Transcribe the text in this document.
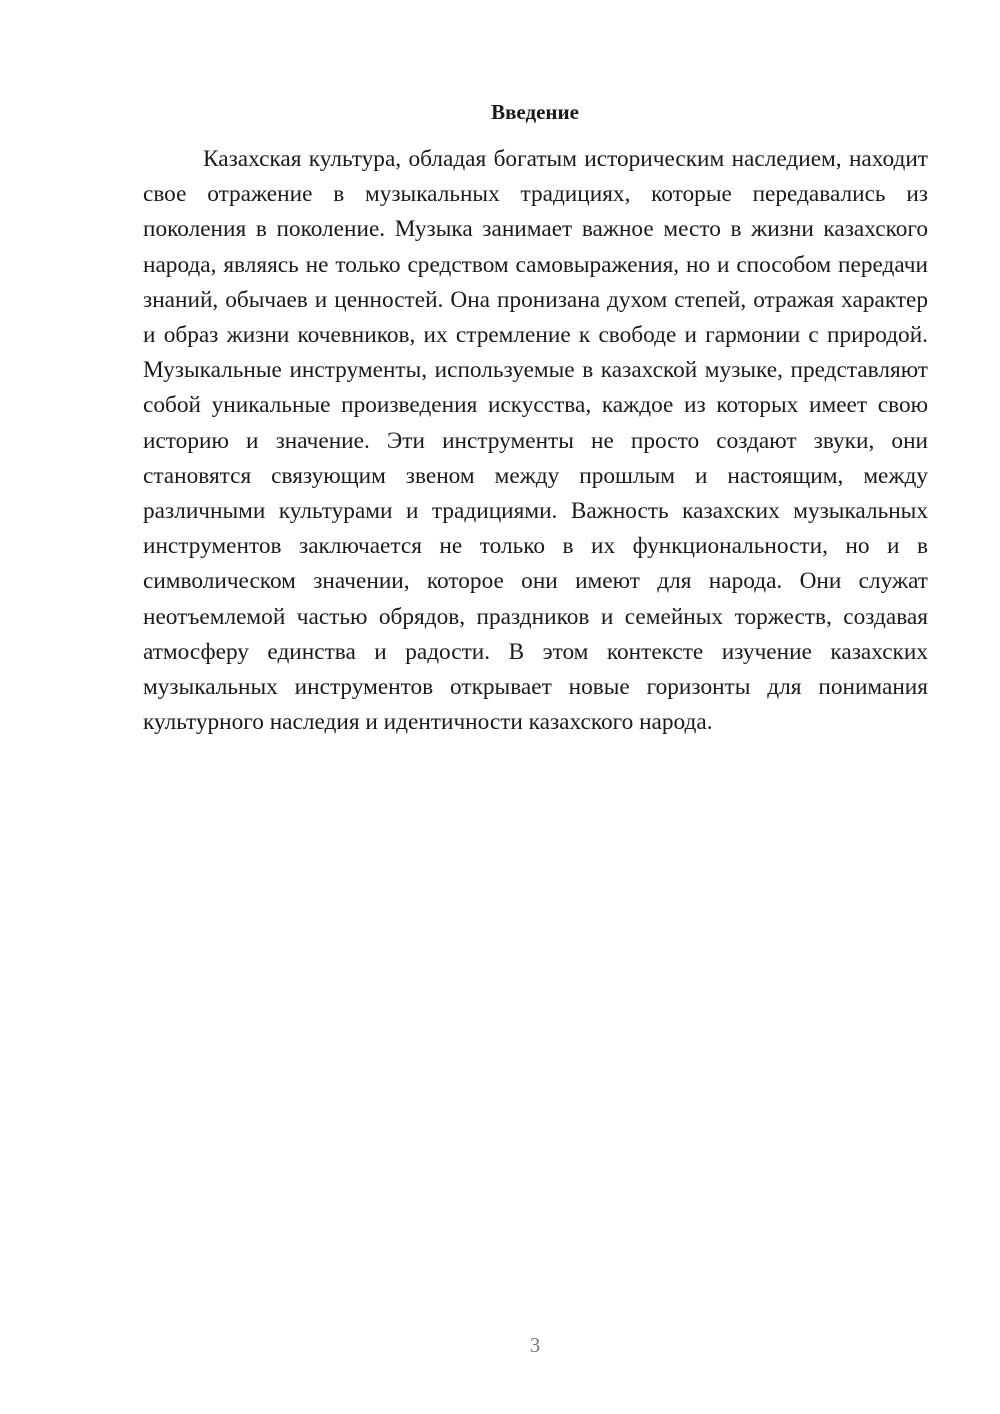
Введение

Казахская культура, обладая богатым историческим наследием, находит свое отражение в музыкальных традициях, которые передавались из поколения в поколение. Музыка занимает важное место в жизни казахского народа, являясь не только средством самовыражения, но и способом передачи знаний, обычаев и ценностей. Она пронизана духом степей, отражая характер и образ жизни кочевников, их стремление к свободе и гармонии с природой. Музыкальные инструменты, используемые в казахской музыке, представляют собой уникальные произведения искусства, каждое из которых имеет свою историю и значение. Эти инструменты не просто создают звуки, они становятся связующим звеном между прошлым и настоящим, между различными культурами и традициями. Важность казахских музыкальных инструментов заключается не только в их функциональности, но и в символическом значении, которое они имеют для народа. Они служат неотъемлемой частью обрядов, праздников и семейных торжеств, создавая атмосферу единства и радости. В этом контексте изучение казахских музыкальных инструментов открывает новые горизонты для понимания культурного наследия и идентичности казахского народа.

3
